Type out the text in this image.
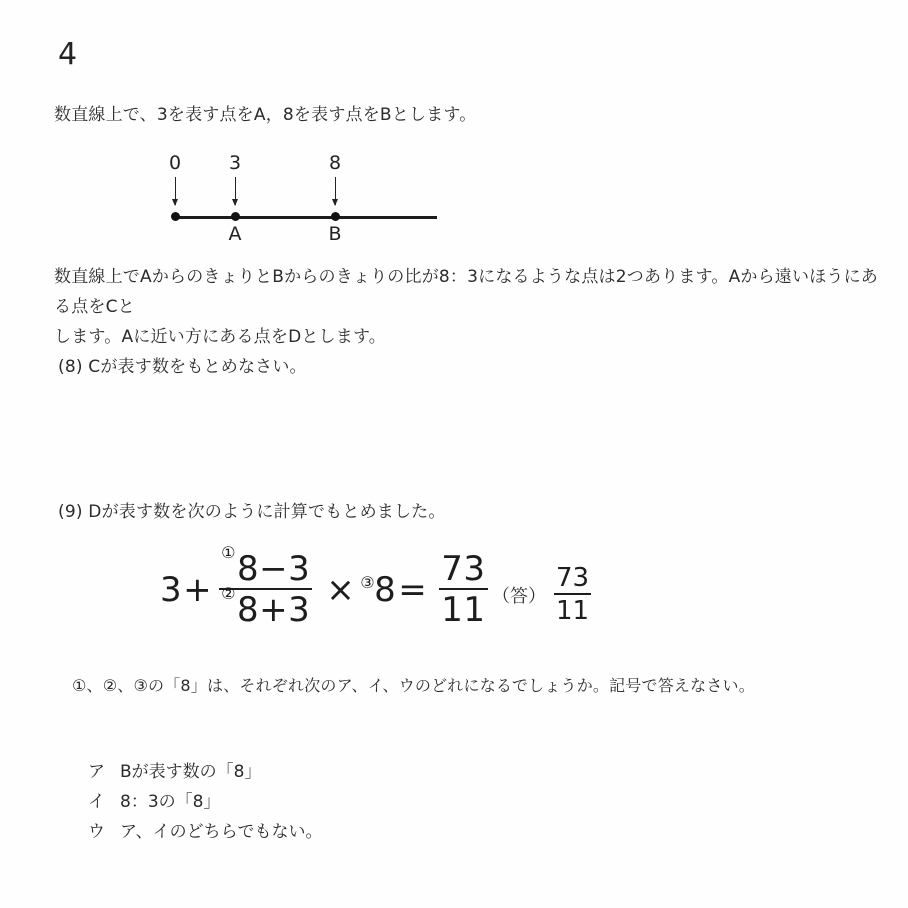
4
数直線上で、3を表す点をA，8を表す点をBとします。
0	3	8
A	B
数直線上でAからのきょりとBからのきょりの比が8：3になるような点は2つあります。Aから遠いほうにある点をCと
します。Aに近い方にある点をDとします。
(8) Cが表す数をもとめなさい。
(9) Dが表す数を次のように計算でもとめました。
$3 + \frac{\text{① 8−3}}{\text{② 8+3}} \times ^③8 = \frac{73}{11}$ （答） $\frac{73}{11}$
①、②、③の「8」は、それぞれ次のア、イ、ウのどれになるでしょうか。記号で答えなさい。
ア Bが表す数の「8」
イ 8：3の「8」
ウ ア、イのどちらでもない。
